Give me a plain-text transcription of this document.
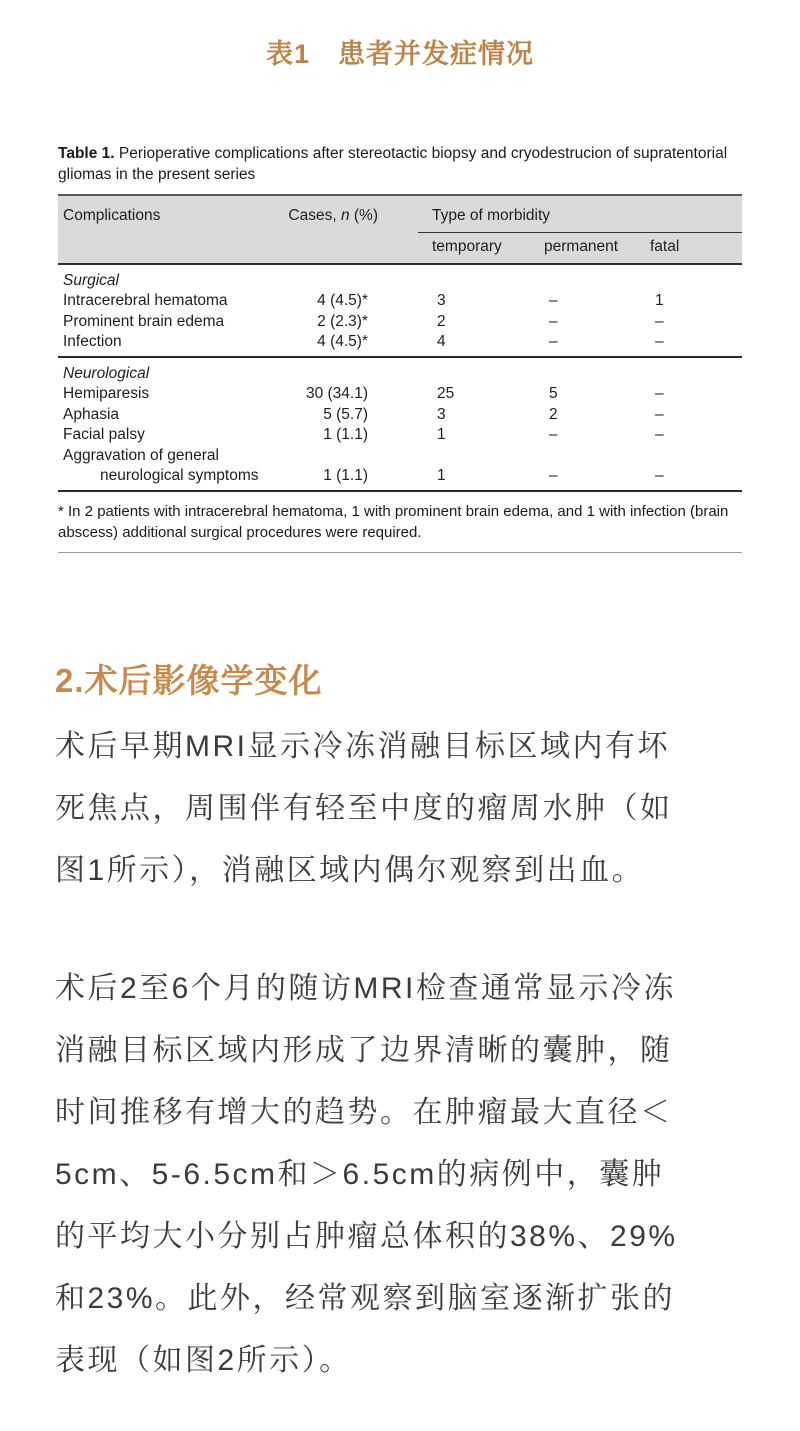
表1　患者并发症情况

Table 1. Perioperative complications after stereotactic biopsy and cryodestrucion of supratentorial gliomas in the present series

Complications	Cases, n (%)	Type of morbidity		
		temporary	permanent	fatal
Surgical				
Intracerebral hematoma	4 (4.5)*	3	–	1
Prominent brain edema	2 (2.3)*	2	–	–
Infection	4 (4.5)*	4	–	–
Neurological				
Hemiparesis	30 (34.1)	25	5	–
Aphasia	5 (5.7)	3	2	–
Facial palsy	1 (1.1)	1	–	–
Aggravation of general				
neurological symptoms	1 (1.1)	1	–	–

* In 2 patients with intracerebral hematoma, 1 with prominent brain edema, and 1 with infection (brain abscess) additional surgical procedures were required.

2.术后影像学变化
术后早期MRI显示冷冻消融目标区域内有坏
死焦点，周围伴有轻至中度的瘤周水肿（如
图1所示），消融区域内偶尔观察到出血。
术后2至6个月的随访MRI检查通常显示冷冻
消融目标区域内形成了边界清晰的囊肿，随
时间推移有增大的趋势。在肿瘤最大直径＜
5cm、5-6.5cm和＞6.5cm的病例中，囊肿
的平均大小分别占肿瘤总体积的38%、29%
和23%。此外，经常观察到脑室逐渐扩张的
表现（如图2所示）。
